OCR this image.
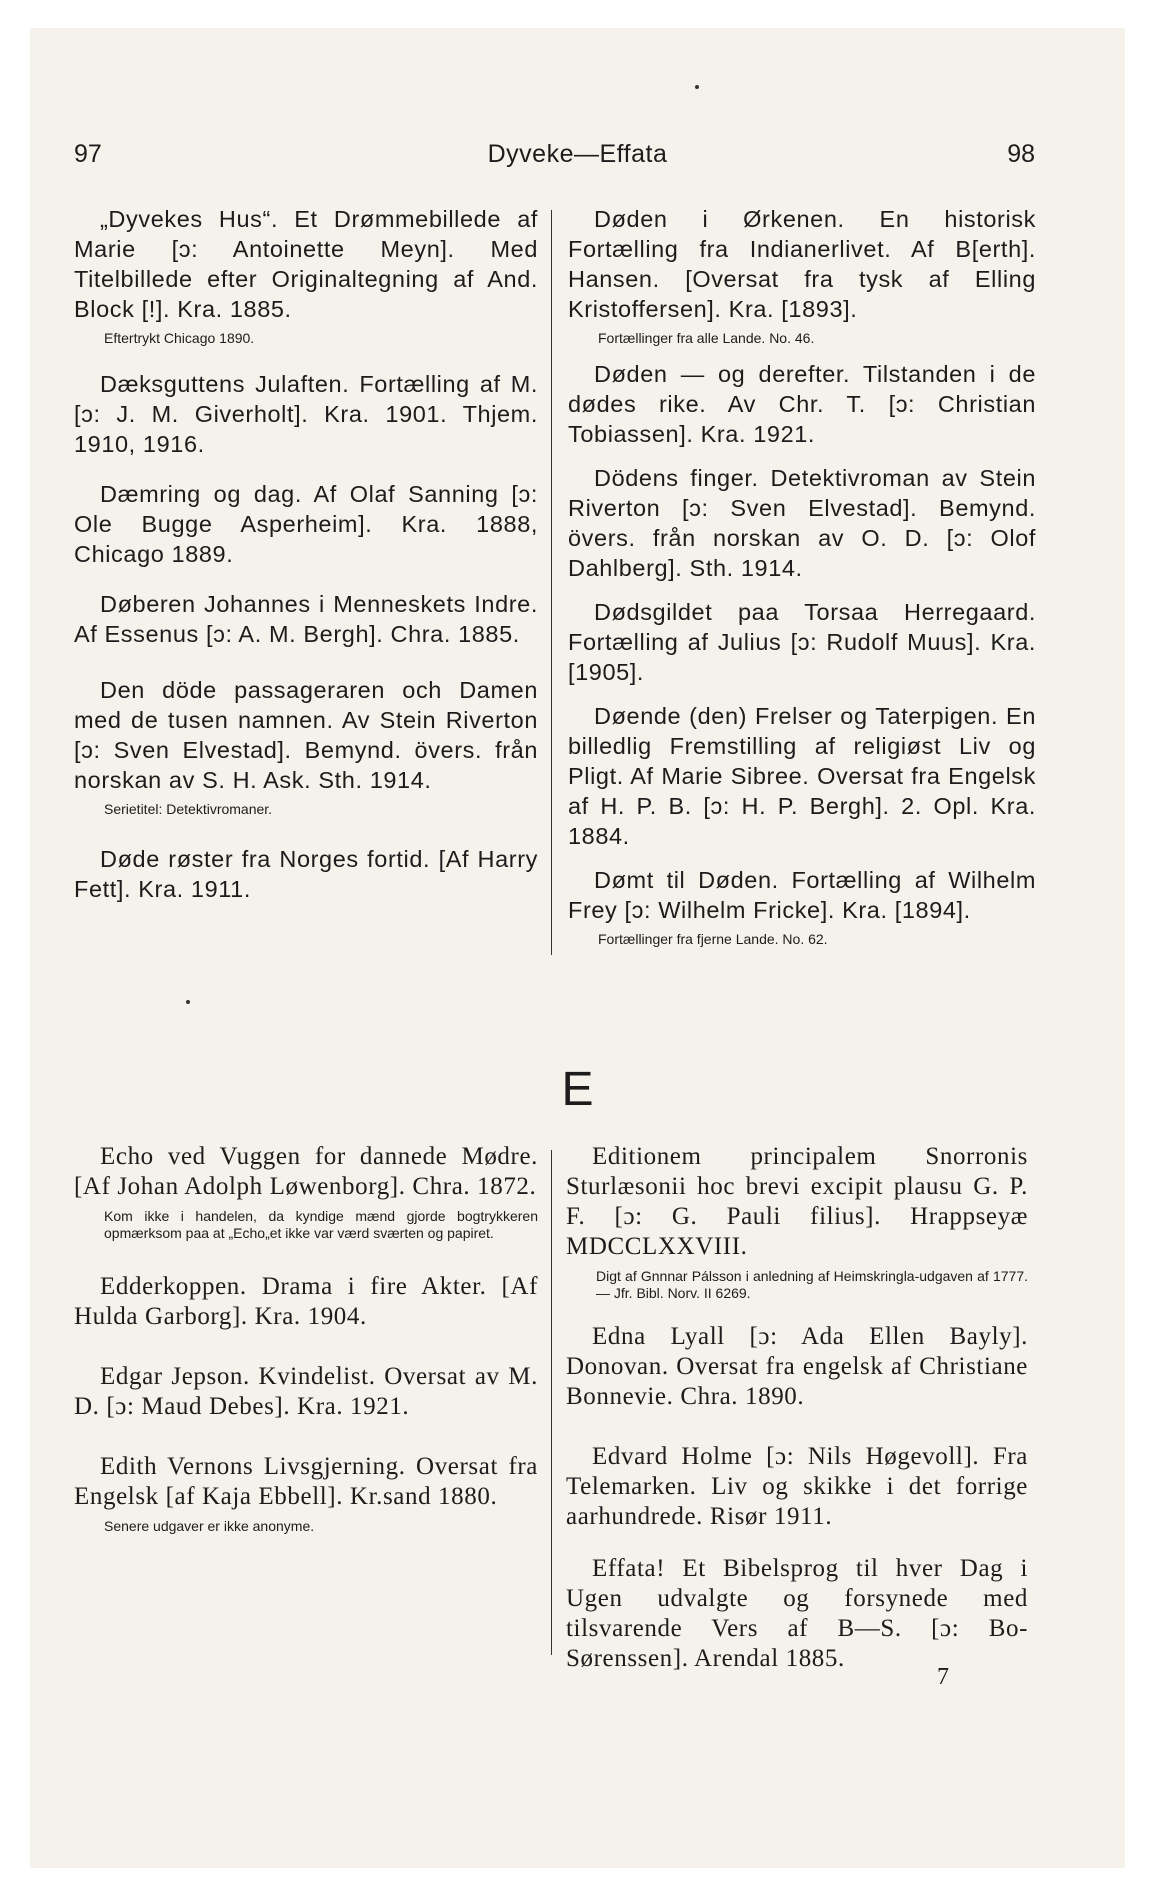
97	Dyveke—Effata	98

„Dyvekes Hus“. Et Drømmebillede af Marie [ɔ: Antoinette Meyn]. Med Titelbillede efter Originaltegning af And. Block [!]. Kra. 1885.

Eftertrykt Chicago 1890.

Dæksguttens Julaften. Fortælling af M. [ɔ: J. M. Giverholt]. Kra. 1901. Thjem. 1910, 1916.

Dæmring og dag. Af Olaf Sanning [ɔ: Ole Bugge Asperheim]. Kra. 1888, Chicago 1889.

Døberen Johannes i Menneskets Indre. Af Essenus [ɔ: A. M. Bergh]. Chra. 1885.

Den döde passageraren och Damen med de tusen namnen. Av Stein Riverton [ɔ: Sven Elvestad]. Bemynd. övers. från norskan av S. H. Ask. Sth. 1914.

Serietitel: Detektivromaner.

Døde røster fra Norges fortid. [Af Harry Fett]. Kra. 1911.

Døden i Ørkenen. En historisk Fortælling fra Indianerlivet. Af B[erth]. Hansen. [Oversat fra tysk af Elling Kristoffersen]. Kra. [1893].

Fortællinger fra alle Lande. No. 46.

Døden — og derefter. Tilstanden i de dødes rike. Av Chr. T. [ɔ: Christian Tobiassen]. Kra. 1921.

Dödens finger. Detektivroman av Stein Riverton [ɔ: Sven Elvestad]. Bemynd. övers. från norskan av O. D. [ɔ: Olof Dahlberg]. Sth. 1914.

Dødsgildet paa Torsaa Herregaard. Fortælling af Julius [ɔ: Rudolf Muus]. Kra. [1905].

Døende (den) Frelser og Taterpigen. En billedlig Fremstilling af religiøst Liv og Pligt. Af Marie Sibree. Oversat fra Engelsk af H. P. B. [ɔ: H. P. Bergh]. 2. Opl. Kra. 1884.

Dømt til Døden. Fortælling af Wilhelm Frey [ɔ: Wilhelm Fricke]. Kra. [1894].

Fortællinger fra fjerne Lande. No. 62.
E

Echo ved Vuggen for dannede Mødre. [Af Johan Adolph Løwenborg]. Chra. 1872.

Kom ikke i handelen, da kyndige mænd gjorde bogtrykkeren opmærksom paa at „Echo„et ikke var værd sværten og papiret.

Edderkoppen. Drama i fire Akter. [Af Hulda Garborg]. Kra. 1904.

Edgar Jepson. Kvindelist. Oversat av M. D. [ɔ: Maud Debes]. Kra. 1921.

Edith Vernons Livsgjerning. Oversat fra Engelsk [af Kaja Ebbell]. Kr.sand 1880.

Senere udgaver er ikke anonyme.

Editionem principalem Snorronis Sturlæsonii hoc brevi excipit plausu G. P. F. [ɔ: G. Pauli filius]. Hrappseyæ MDCCLXXVIII.

Digt af Gnnnar Pálsson i anledning af Heimskringla-udgaven af 1777. — Jfr. Bibl. Norv. II 6269.

Edna Lyall [ɔ: Ada Ellen Bayly]. Donovan. Oversat fra engelsk af Christiane Bonnevie. Chra. 1890.

Edvard Holme [ɔ: Nils Høgevoll]. Fra Telemarken. Liv og skikke i det forrige aarhundrede. Risør 1911.

Effata! Et Bibelsprog til hver Dag i Ugen udvalgte og forsynede med tilsvarende Vers af B—S. [ɔ: Bo-Sørenssen]. Arendal 1885.

7
